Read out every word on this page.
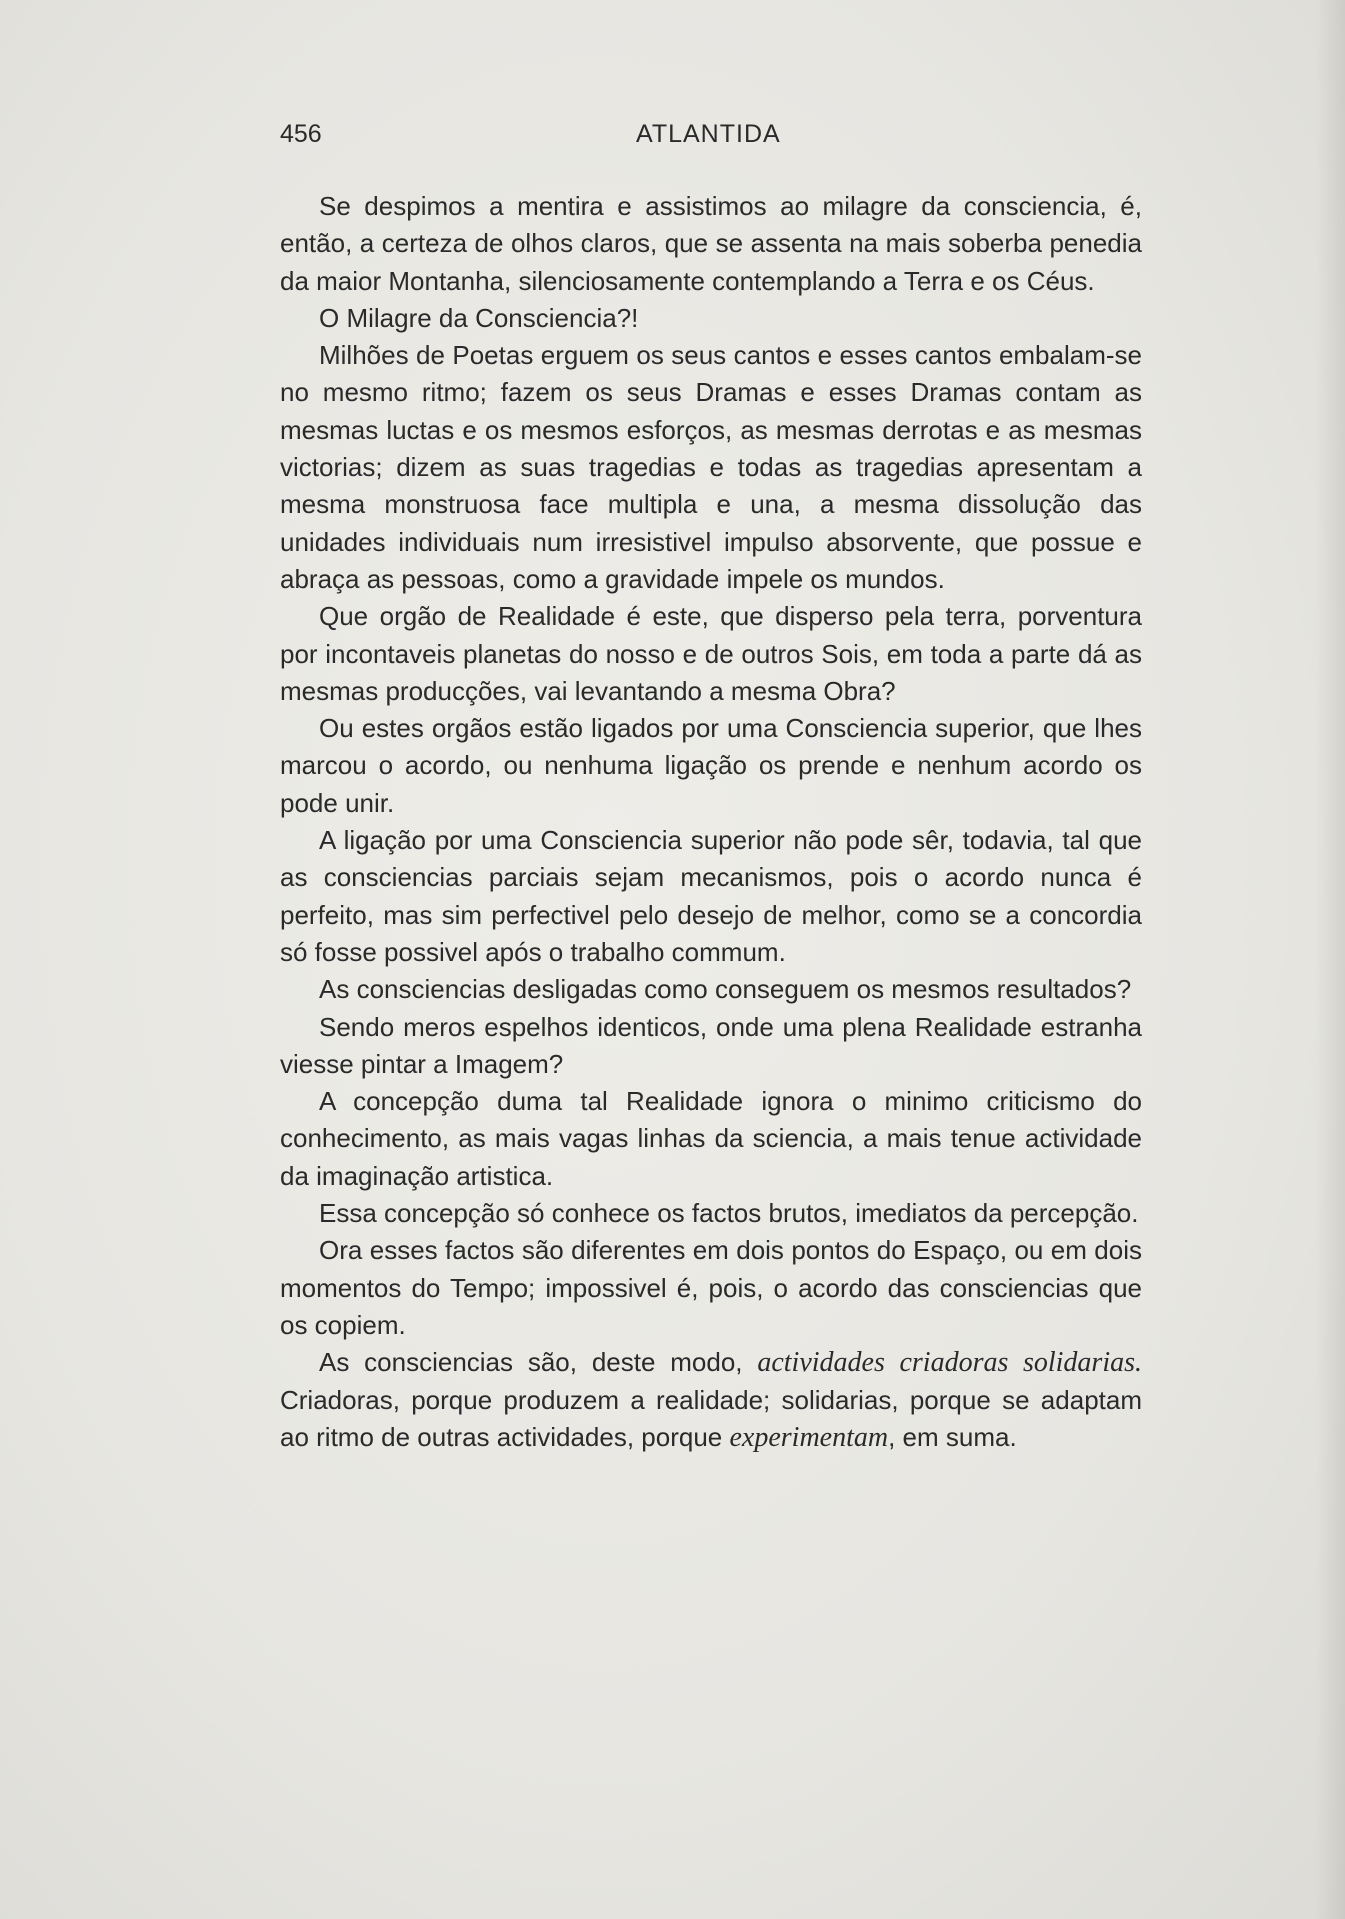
456	ATLANTIDA

Se despimos a mentira e assistimos ao milagre da consciencia, é, então, a certeza de olhos claros, que se assenta na mais soberba penedia da maior Montanha, silenciosamente contemplando a Terra e os Céus.

O Milagre da Consciencia?!

Milhões de Poetas erguem os seus cantos e esses cantos embalam-se no mesmo ritmo; fazem os seus Dramas e esses Dramas contam as mesmas luctas e os mesmos esforços, as mesmas derrotas e as mesmas victorias; dizem as suas tragedias e todas as tragedias apresentam a mesma monstruosa face multipla e una, a mesma dissolução das unidades individuais num irresistivel impulso absorvente, que possue e abraça as pessoas, como a gravidade impele os mundos.

Que orgão de Realidade é este, que disperso pela terra, porventura por incontaveis planetas do nosso e de outros Sois, em toda a parte dá as mesmas producções, vai levantando a mesma Obra?

Ou estes orgãos estão ligados por uma Consciencia superior, que lhes marcou o acordo, ou nenhuma ligação os prende e nenhum acordo os pode unir.

A ligação por uma Consciencia superior não pode sêr, todavia, tal que as consciencias parciais sejam mecanismos, pois o acordo nunca é perfeito, mas sim perfectivel pelo desejo de melhor, como se a concordia só fosse possivel após o trabalho commum.

As consciencias desligadas como conseguem os mesmos resultados?

Sendo meros espelhos identicos, onde uma plena Realidade estranha viesse pintar a Imagem?

A concepção duma tal Realidade ignora o minimo criticismo do conhecimento, as mais vagas linhas da sciencia, a mais tenue actividade da imaginação artistica.

Essa concepção só conhece os factos brutos, imediatos da percepção.

Ora esses factos são diferentes em dois pontos do Espaço, ou em dois momentos do Tempo; impossivel é, pois, o acordo das consciencias que os copiem.

As consciencias são, deste modo, actividades criadoras solidarias. Criadoras, porque produzem a realidade; solidarias, porque se adaptam ao ritmo de outras actividades, porque experimentam, em suma.
